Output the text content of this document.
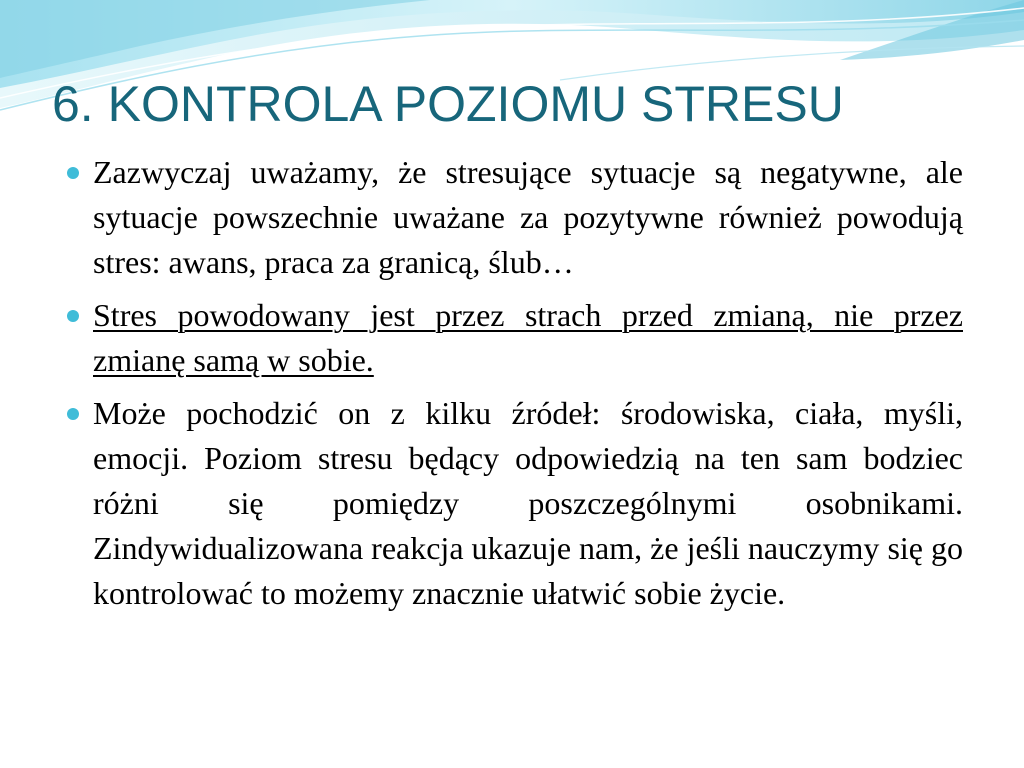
6. KONTROLA POZIOMU STRESU
Zazwyczaj uważamy, że stresujące sytuacje są negatywne, ale sytuacje powszechnie uważane za pozytywne również powodują stres: awans, praca za granicą, ślub…
Stres powodowany jest przez strach przed zmianą, nie przez zmianę samą w sobie.
Może pochodzić on z kilku źródeł: środowiska, ciała, myśli, emocji. Poziom stresu będący odpowiedzią na ten sam bodziec różni się pomiędzy poszczególnymi osobnikami. Zindywidualizowana reakcja ukazuje nam, że jeśli nauczymy się go kontrolować to możemy znacznie ułatwić sobie życie.
